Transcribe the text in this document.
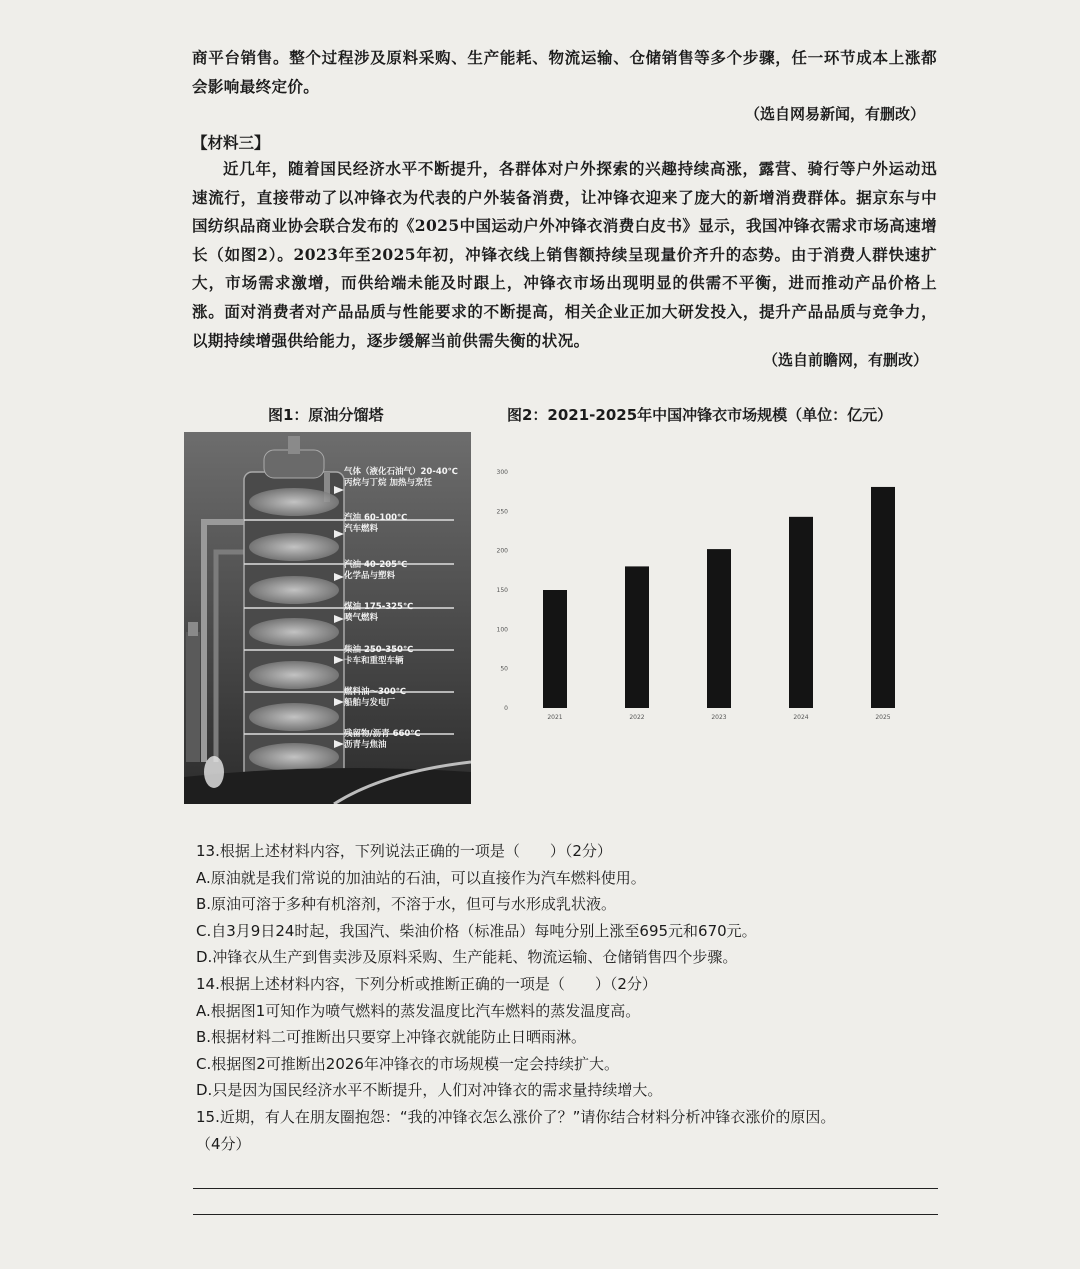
商平台销售。整个过程涉及原料采购、生产能耗、物流运输、仓储销售等多个步骤，任一环节成本上涨都会影响最终定价。

（选自网易新闻，有删改）
【材料三】

近几年，随着国民经济水平不断提升，各群体对户外探索的兴趣持续高涨，露营、骑行等户外运动迅速流行，直接带动了以冲锋衣为代表的户外装备消费，让冲锋衣迎来了庞大的新增消费群体。据京东与中国纺织品商业协会联合发布的《2025中国运动户外冲锋衣消费白皮书》显示，我国冲锋衣需求市场高速增长（如图2）。2023年至2025年初，冲锋衣线上销售额持续呈现量价齐升的态势。由于消费人群快速扩大，市场需求激增，而供给端未能及时跟上，冲锋衣市场出现明显的供需不平衡，进而推动产品价格上涨。面对消费者对产品品质与性能要求的不断提高，相关企业正加大研发投入，提升产品品质与竞争力，以期持续增强供给能力，逐步缓解当前供需失衡的状况。

（选自前瞻网，有删改）
图1：原油分馏塔	图2：2021-2025年中国冲锋衣市场规模（单位：亿元）
气体（液化石油气）20-40℃
丙烷与丁烷 加热与烹饪
汽油 60-100℃
汽车燃料
汽油 40-205℃
化学品与塑料
煤油 175-325℃
喷气燃料
柴油 250-350℃
卡车和重型车辆
燃料油～300℃
船舶与发电厂
残留物/沥青 660℃
沥青与焦油
0
50
100
150
200
250
300
2021	2022	2023	2024	2025
13.根据上述材料内容，下列说法正确的一项是（　　）（2分）
A.原油就是我们常说的加油站的石油，可以直接作为汽车燃料使用。
B.原油可溶于多种有机溶剂，不溶于水，但可与水形成乳状液。
C.自3月9日24时起，我国汽、柴油价格（标准品）每吨分别上涨至695元和670元。
D.冲锋衣从生产到售卖涉及原料采购、生产能耗、物流运输、仓储销售四个步骤。
14.根据上述材料内容，下列分析或推断正确的一项是（　　）（2分）
A.根据图1可知作为喷气燃料的蒸发温度比汽车燃料的蒸发温度高。
B.根据材料二可推断出只要穿上冲锋衣就能防止日晒雨淋。
C.根据图2可推断出2026年冲锋衣的市场规模一定会持续扩大。
D.只是因为国民经济水平不断提升，人们对冲锋衣的需求量持续增大。
15.近期，有人在朋友圈抱怨：“我的冲锋衣怎么涨价了？”请你结合材料分析冲锋衣涨价的原因。
（4分）
